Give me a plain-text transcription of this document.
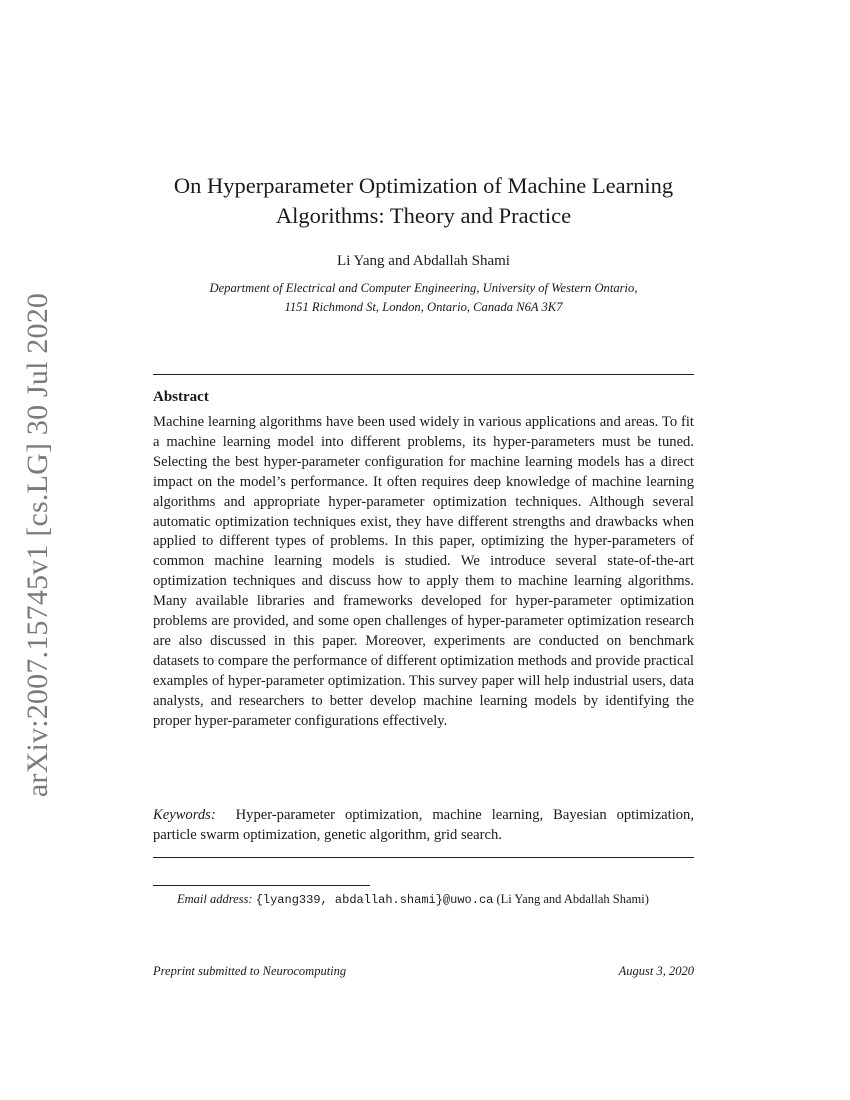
arXiv:2007.15745v1 [cs.LG] 30 Jul 2020
On Hyperparameter Optimization of Machine Learning
Algorithms: Theory and Practice
Li Yang and Abdallah Shami
Department of Electrical and Computer Engineering, University of Western Ontario,
1151 Richmond St, London, Ontario, Canada N6A 3K7
Abstract
Machine learning algorithms have been used widely in various applications and areas. To fit a machine learning model into different problems, its hyper-parameters must be tuned. Selecting the best hyper-parameter configuration for machine learning models has a direct impact on the model’s performance. It often requires deep knowledge of machine learning algorithms and appropriate hyper-parameter optimization techniques. Although several automatic optimization techniques exist, they have different strengths and drawbacks when applied to different types of problems. In this paper, optimizing the hyper-parameters of common machine learning models is studied. We introduce several state-of-the-art optimization techniques and discuss how to apply them to machine learning algorithms. Many available libraries and frameworks developed for hyper-parameter optimization problems are provided, and some open challenges of hyper-parameter optimization research are also discussed in this paper. Moreover, experiments are conducted on benchmark datasets to compare the performance of different optimization methods and provide practical examples of hyper-parameter optimization. This survey paper will help industrial users, data analysts, and researchers to better develop machine learning models by identifying the proper hyper-parameter configurations effectively.
Keywords: Hyper-parameter optimization, machine learning, Bayesian optimization, particle swarm optimization, genetic algorithm, grid search.
Email address: {lyang339, abdallah.shami}@uwo.ca (Li Yang and Abdallah Shami)
Preprint submitted to Neurocomputing	August 3, 2020
